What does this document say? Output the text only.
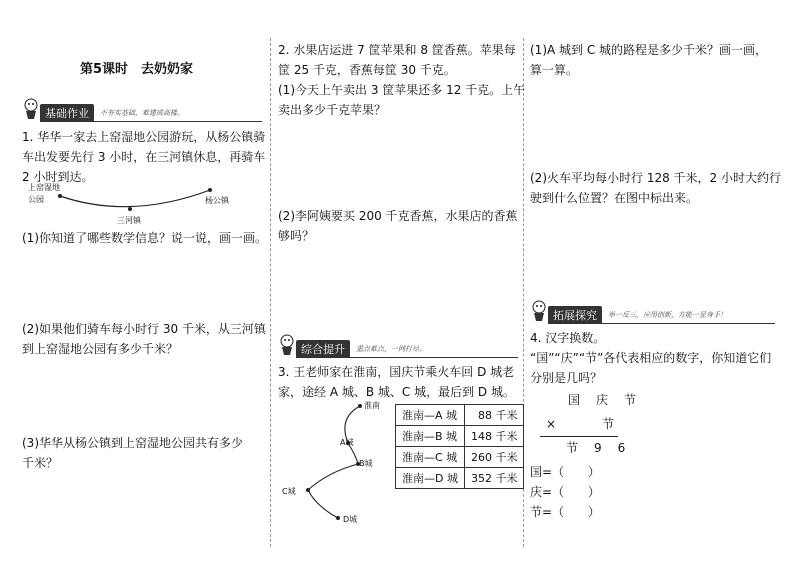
第5课时　去奶奶家
基础作业	不夯实基础，难建成高楼。
1. 华华一家去上窑湿地公园游玩，从杨公镇骑
车出发要先行 3 小时，在三河镇休息，再骑车
2 小时到达。
上窑湿地
公园
三河镇
杨公镇
(1)你知道了哪些数学信息？说一说，画一画。
(2)如果他们骑车每小时行 30 千米，从三河镇
到上窑湿地公园有多少千米？
(3)华华从杨公镇到上窑湿地公园共有多少
千米？
2. 水果店运进 7 筐苹果和 8 筐香蕉。苹果每
筐 25 千克，香蕉每筐 30 千克。
(1)今天上午卖出 3 筐苹果还多 12 千克。上午
卖出多少千克苹果？
(2)李阿姨要买 200 千克香蕉，水果店的香蕉
够吗？
综合提升	重点难点，一网打尽。
3. 王老师家在淮南，国庆节乘火车回 D 城老
家，途经 A 城、B 城、C 城，最后到 D 城。
淮南
A城
B城
C城
D城
淮南—A 城	88 千米
淮南—B 城	148 千米
淮南—C 城	260 千米
淮南—D 城	352 千米
(1)A 城到 C 城的路程是多少千米？画一画，
算一算。
(2)火车平均每小时行 128 千米，2 小时大约行
驶到什么位置？在图中标出来。
拓展探究	举一反三，应用创新，方能一显身手！
4. 汉字换数。
“国”“庆”“节”各代表相应的数字，你知道它们
分别是几吗？
国　庆　节
×	节
节　9　6
国=（　　）
庆=（　　）
节=（　　）
